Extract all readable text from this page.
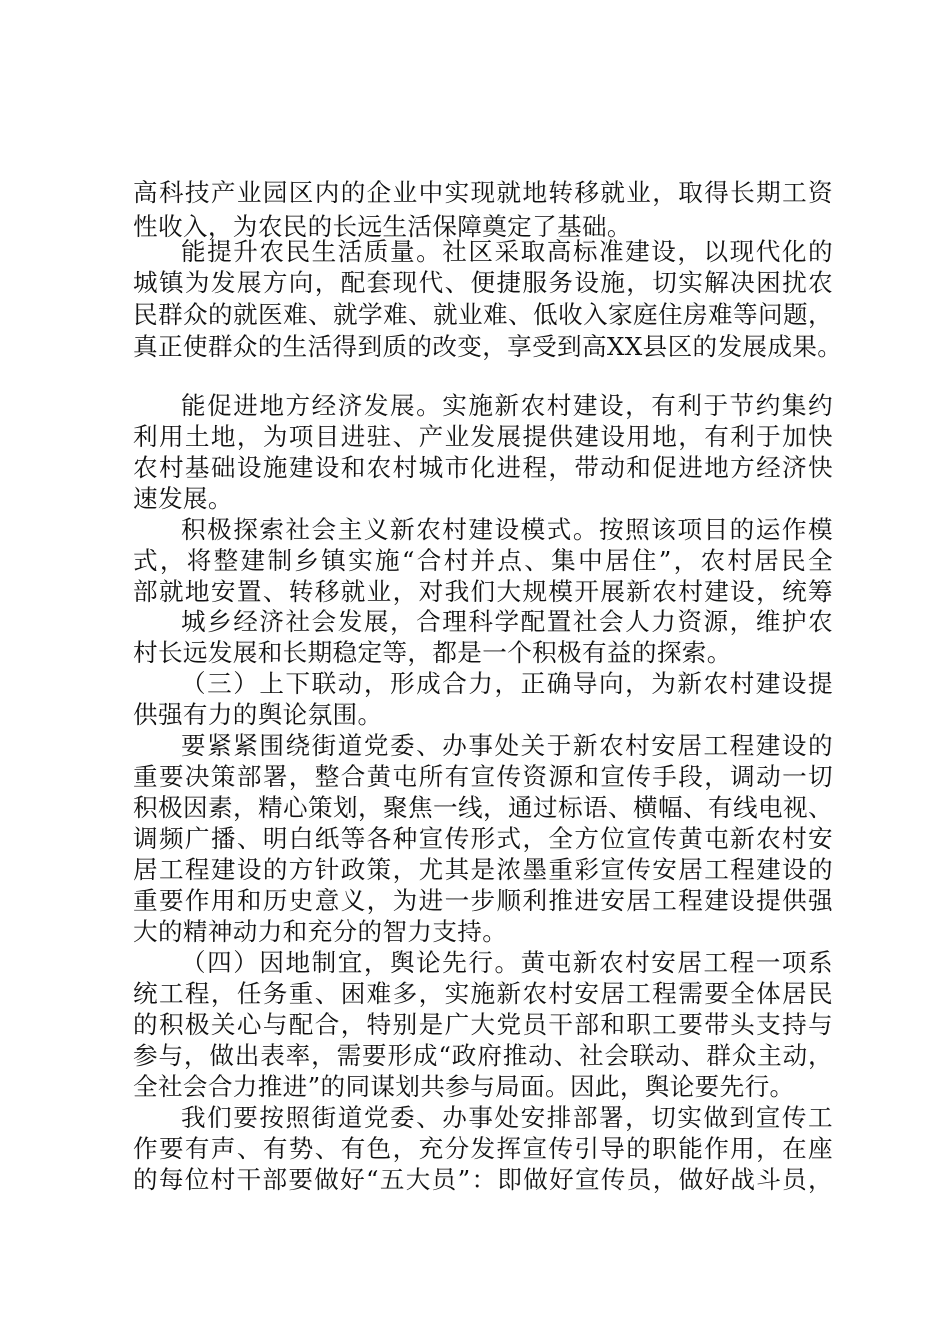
高科技产业园区内的企业中实现就地转移就业，取得长期工资
性收入，为农民的长远生活保障奠定了基础。
能提升农民生活质量。社区采取高标准建设，以现代化的
城镇为发展方向，配套现代、便捷服务设施，切实解决困扰农
民群众的就医难、就学难、就业难、低收入家庭住房难等问题，
真正使群众的生活得到质的改变，享受到高XX县区的发展成果。
能促进地方经济发展。实施新农村建设，有利于节约集约
利用土地，为项目进驻、产业发展提供建设用地，有利于加快
农村基础设施建设和农村城市化进程，带动和促进地方经济快
速发展。
积极探索社会主义新农村建设模式。按照该项目的运作模
式，将整建制乡镇实施“合村并点、集中居住”，农村居民全
部就地安置、转移就业，对我们大规模开展新农村建设，统筹
城乡经济社会发展，合理科学配置社会人力资源，维护农
村长远发展和长期稳定等，都是一个积极有益的探索。
（三）上下联动，形成合力，正确导向，为新农村建设提
供强有力的舆论氛围。
要紧紧围绕街道党委、办事处关于新农村安居工程建设的
重要决策部署，整合黄屯所有宣传资源和宣传手段，调动一切
积极因素，精心策划，聚焦一线，通过标语、横幅、有线电视、
调频广播、明白纸等各种宣传形式，全方位宣传黄屯新农村安
居工程建设的方针政策，尤其是浓墨重彩宣传安居工程建设的
重要作用和历史意义，为进一步顺利推进安居工程建设提供强
大的精神动力和充分的智力支持。
（四）因地制宜，舆论先行。黄屯新农村安居工程一项系
统工程，任务重、困难多，实施新农村安居工程需要全体居民
的积极关心与配合，特别是广大党员干部和职工要带头支持与
参与，做出表率，需要形成“政府推动、社会联动、群众主动，
全社会合力推进”的同谋划共参与局面。因此，舆论要先行。
我们要按照街道党委、办事处安排部署，切实做到宣传工
作要有声、有势、有色，充分发挥宣传引导的职能作用，在座
的每位村干部要做好“五大员”：即做好宣传员，做好战斗员，
